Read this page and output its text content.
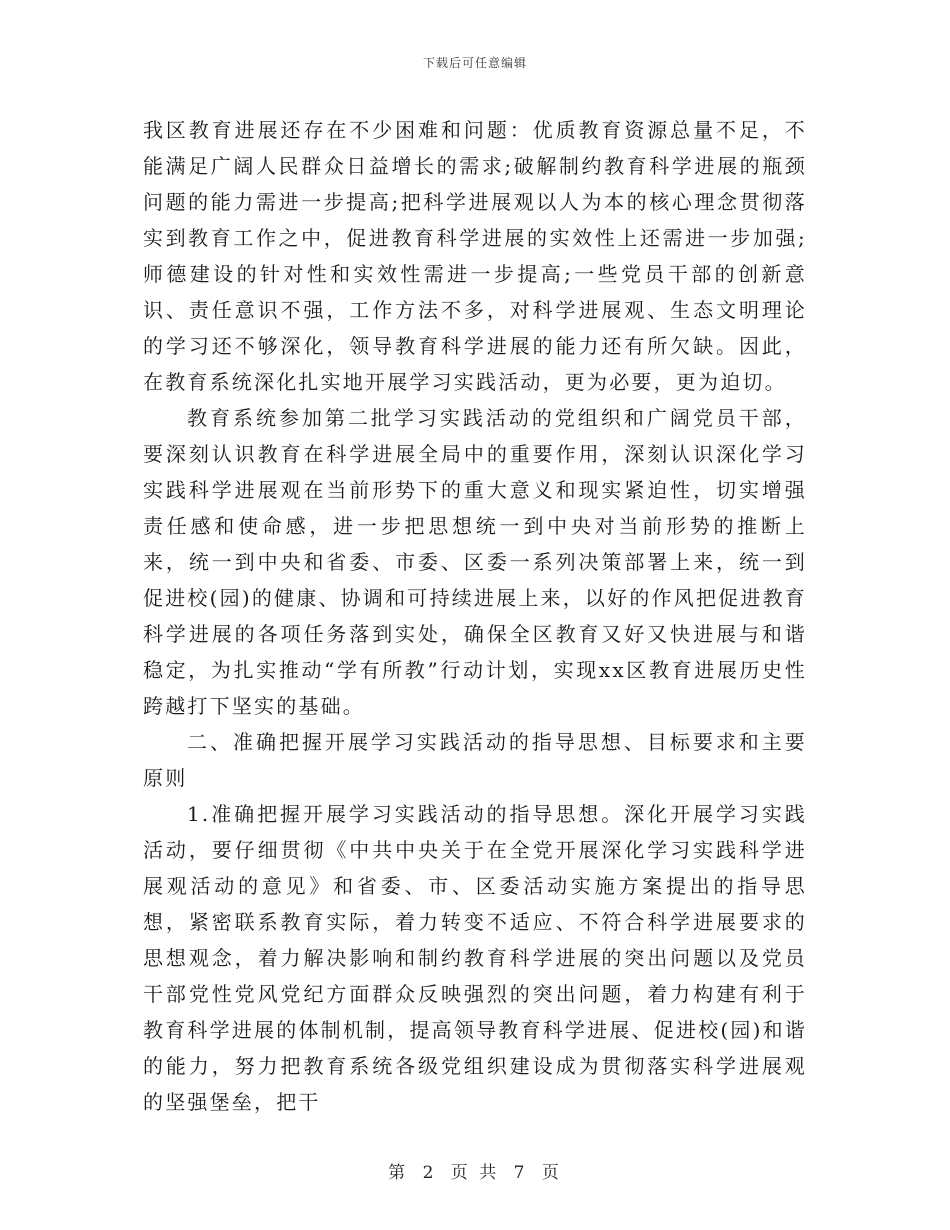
下载后可任意编辑

我区教育进展还存在不少困难和问题：优质教育资源总量不足，不能满足广阔人民群众日益增长的需求;破解制约教育科学进展的瓶颈问题的能力需进一步提高;把科学进展观以人为本的核心理念贯彻落实到教育工作之中，促进教育科学进展的实效性上还需进一步加强;师德建设的针对性和实效性需进一步提高;一些党员干部的创新意识、责任意识不强，工作方法不多，对科学进展观、生态文明理论的学习还不够深化，领导教育科学进展的能力还有所欠缺。因此，在教育系统深化扎实地开展学习实践活动，更为必要，更为迫切。

教育系统参加第二批学习实践活动的党组织和广阔党员干部，要深刻认识教育在科学进展全局中的重要作用，深刻认识深化学习实践科学进展观在当前形势下的重大意义和现实紧迫性，切实增强责任感和使命感，进一步把思想统一到中央对当前形势的推断上来，统一到中央和省委、市委、区委一系列决策部署上来，统一到促进校(园)的健康、协调和可持续进展上来，以好的作风把促进教育科学进展的各项任务落到实处，确保全区教育又好又快进展与和谐稳定，为扎实推动“学有所教”行动计划，实现xx区教育进展历史性跨越打下坚实的基础。

二、准确把握开展学习实践活动的指导思想、目标要求和主要原则

1.准确把握开展学习实践活动的指导思想。深化开展学习实践活动，要仔细贯彻《中共中央关于在全党开展深化学习实践科学进展观活动的意见》和省委、市、区委活动实施方案提出的指导思想，紧密联系教育实际，着力转变不适应、不符合科学进展要求的思想观念，着力解决影响和制约教育科学进展的突出问题以及党员干部党性党风党纪方面群众反映强烈的突出问题，着力构建有利于教育科学进展的体制机制，提高领导教育科学进展、促进校(园)和谐的能力，努力把教育系统各级党组织建设成为贯彻落实科学进展观的坚强堡垒，把干

第 2 页 共 7 页
